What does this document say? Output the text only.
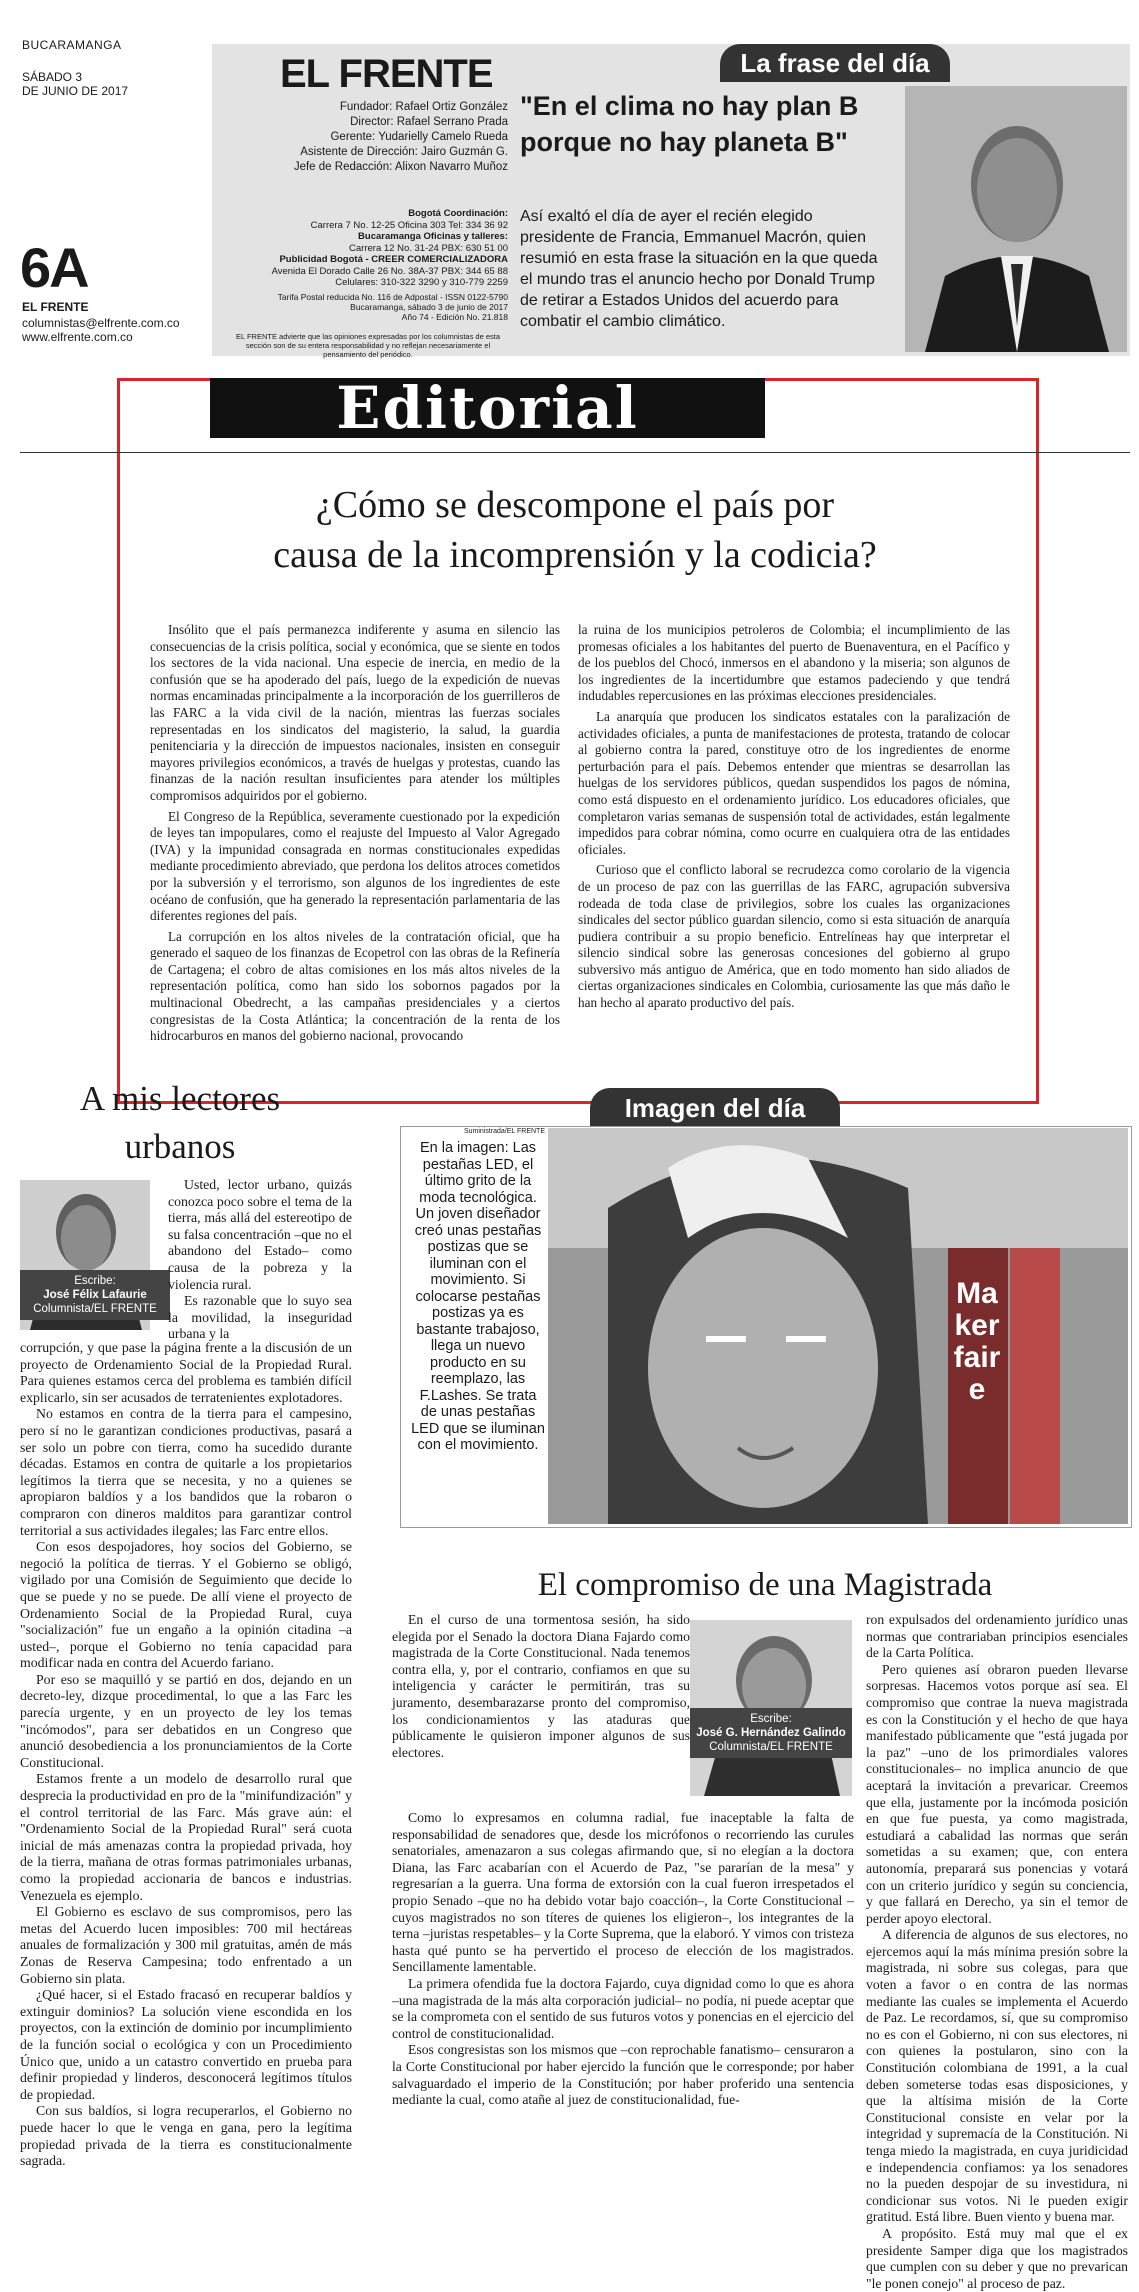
BUCARAMANGA
SÁBADO 3
DE JUNIO DE 2017
6A
EL FRENTE
columnistas@elfrente.com.co
www.elfrente.com.co
EL FRENTE
Fundador: Rafael Ortiz González
Director: Rafael Serrano Prada
Gerente: Yudarielly Camelo Rueda
Asistente de Dirección: Jairo Guzmán G.
Jefe de Redacción: Alixon Navarro Muñoz
Bogotá Coordinación:
Carrera 7 No. 12-25 Oficina 303 Tel: 334 36 92
Bucaramanga Oficinas y talleres:
Carrera 12 No. 31-24 PBX: 630 51 00
Publicidad Bogotá - CREER COMERCIALIZADORA
Avenida El Dorado Calle 26 No. 38A-37 PBX: 344 65 88
Celulares: 310-322 3290 y 310-779 2259
Tarifa Postal reducida No. 116 de Adpostal - ISSN 0122-5790
Bucaramanga, sábado 3 de junio de 2017
Año 74 - Edición No. 21.818
EL FRENTE advierte que las opiniones expresadas por los columnistas de esta sección son de su entera responsabilidad y no reflejan necesariamente el pensamiento del periódico.
La frase del día
"En el clima no hay plan B
porque no hay planeta B"
Así exaltó el día de ayer el recién elegido presidente de Francia, Emmanuel Macrón, quien resumió en esta frase la situación en la que queda el mundo tras el anuncio hecho por Donald Trump de retirar a Estados Unidos del acuerdo para combatir el cambio climático.
Editorial
¿Cómo se descompone el país por
causa de la incomprensión y la codicia?

Insólito que el país permanezca indiferente y asuma en silencio las consecuencias de la crisis política, social y económica, que se siente en todos los sectores de la vida nacional. Una especie de inercia, en medio de la confusión que se ha apoderado del país, luego de la expedición de nuevas normas encaminadas principalmente a la incorporación de los guerrilleros de las FARC a la vida civil de la nación, mientras las fuerzas sociales representadas en los sindicatos del magisterio, la salud, la guardia penitenciaria y la dirección de impuestos nacionales, insisten en conseguir mayores privilegios económicos, a través de huelgas y protestas, cuando las finanzas de la nación resultan insuficientes para atender los múltiples compromisos adquiridos por el gobierno.

El Congreso de la República, severamente cuestionado por la expedición de leyes tan impopulares, como el reajuste del Impuesto al Valor Agregado (IVA) y la impunidad consagrada en normas constitucionales expedidas mediante procedimiento abreviado, que perdona los delitos atroces cometidos por la subversión y el terrorismo, son algunos de los ingredientes de este océano de confusión, que ha generado la representación parlamentaria de las diferentes regiones del país.

La corrupción en los altos niveles de la contratación oficial, que ha generado el saqueo de los finanzas de Ecopetrol con las obras de la Refinería de Cartagena; el cobro de altas comisiones en los más altos niveles de la representación política, como han sido los sobornos pagados por la multinacional Obedrecht, a las campañas presidenciales y a ciertos congresistas de la Costa Atlántica; la concentración de la renta de los hidrocarburos en manos del gobierno nacional, provocando

la ruina de los municipios petroleros de Colombia; el incumplimiento de las promesas oficiales a los habitantes del puerto de Buenaventura, en el Pacífico y de los pueblos del Chocó, inmersos en el abandono y la miseria; son algunos de los ingredientes de la incertidumbre que estamos padeciendo y que tendrá indudables repercusiones en las próximas elecciones presidenciales.

La anarquía que producen los sindicatos estatales con la paralización de actividades oficiales, a punta de manifestaciones de protesta, tratando de colocar al gobierno contra la pared, constituye otro de los ingredientes de enorme perturbación para el país. Debemos entender que mientras se desarrollan las huelgas de los servidores públicos, quedan suspendidos los pagos de nómina, como está dispuesto en el ordenamiento jurídico. Los educadores oficiales, que completaron varias semanas de suspensión total de actividades, están legalmente impedidos para cobrar nómina, como ocurre en cualquiera otra de las entidades oficiales.

Curioso que el conflicto laboral se recrudezca como corolario de la vigencia de un proceso de paz con las guerrillas de las FARC, agrupación subversiva rodeada de toda clase de privilegios, sobre los cuales las organizaciones sindicales del sector público guardan silencio, como si esta situación de anarquía pudiera contribuir a su propio beneficio. Entrelíneas hay que interpretar el silencio sindical sobre las generosas concesiones del gobierno al grupo subversivo más antiguo de América, que en todo momento han sido aliados de ciertas organizaciones sindicales en Colombia, curiosamente las que más daño le han hecho al aparato productivo del país.

A mis lectores
urbanos
Escribe:
José Félix Lafaurie
Columnista/EL FRENTE

Usted, lector urbano, quizás conozca poco sobre el tema de la tierra, más allá del estereotipo de su falsa concentración –que no el abandono del Estado– como causa de la pobreza y la violencia rural.

Es razonable que lo suyo sea la movilidad, la inseguridad urbana y la

corrupción, y que pase la página frente a la discusión de un proyecto de Ordenamiento Social de la Propiedad Rural. Para quienes estamos cerca del problema es también difícil explicarlo, sin ser acusados de terratenientes explotadores.

No estamos en contra de la tierra para el campesino, pero sí no le garantizan condiciones productivas, pasará a ser solo un pobre con tierra, como ha sucedido durante décadas. Estamos en contra de quitarle a los propietarios legítimos la tierra que se necesita, y no a quienes se apropiaron baldíos y a los bandidos que la robaron o compraron con dineros malditos para garantizar control territorial a sus actividades ilegales; las Farc entre ellos.

Con esos despojadores, hoy socios del Gobierno, se negoció la política de tierras. Y el Gobierno se obligó, vigilado por una Comisión de Seguimiento que decide lo que se puede y no se puede. De allí viene el proyecto de Ordenamiento Social de la Propiedad Rural, cuya "socialización" fue un engaño a la opinión citadina –a usted–, porque el Gobierno no tenía capacidad para modificar nada en contra del Acuerdo fariano.

Por eso se maquilló y se partió en dos, dejando en un decreto-ley, dizque procedimental, lo que a las Farc les parecía urgente, y en un proyecto de ley los temas "incómodos", para ser debatidos en un Congreso que anunció desobediencia a los pronunciamientos de la Corte Constitucional.

Estamos frente a un modelo de desarrollo rural que desprecia la productividad en pro de la "minifundización" y el control territorial de las Farc. Más grave aún: el "Ordenamiento Social de la Propiedad Rural" será cuota inicial de más amenazas contra la propiedad privada, hoy de la tierra, mañana de otras formas patrimoniales urbanas, como la propiedad accionaria de bancos e industrias. Venezuela es ejemplo.

El Gobierno es esclavo de sus compromisos, pero las metas del Acuerdo lucen imposibles: 700 mil hectáreas anuales de formalización y 300 mil gratuitas, amén de más Zonas de Reserva Campesina; todo enfrentado a un Gobierno sin plata.

¿Qué hacer, si el Estado fracasó en recuperar baldíos y extinguir dominios? La solución viene escondida en los proyectos, con la extinción de dominio por incumplimiento de la función social o ecológica y con un Procedimiento Único que, unido a un catastro convertido en prueba para definir propiedad y linderos, desconocerá legítimos títulos de propiedad.

Con sus baldíos, si logra recuperarlos, el Gobierno no puede hacer lo que le venga en gana, pero la legítima propiedad privada de la tierra es constitucionalmente sagrada.

Imagen del día
Suministrada/EL FRENTE
En la imagen: Las pestañas LED, el último grito de la moda tecnológica. Un joven diseñador creó unas pestañas postizas que se iluminan con el movimiento. Si colocarse pestañas postizas ya es bastante trabajoso, llega un nuevo producto en su reemplazo, las F.Lashes. Se trata de unas pestañas LED que se iluminan con el movimiento.
Makerfaire
El compromiso de una Magistrada

En el curso de una tormentosa sesión, ha sido elegida por el Senado la doctora Diana Fajardo como magistrada de la Corte Constitucional. Nada tenemos contra ella, y, por el contrario, confiamos en que su inteligencia y carácter le permitirán, tras su juramento, desembarazarse pronto del compromiso, los condicionamientos y las ataduras que públicamente le quisieron imponer algunos de sus electores.

Escribe:
José G. Hernández Galindo
Columnista/EL FRENTE

Como lo expresamos en columna radial, fue inaceptable la falta de responsabilidad de senadores que, desde los micrófonos o recorriendo las curules senatoriales, amenazaron a sus colegas afirmando que, si no elegían a la doctora Diana, las Farc acabarían con el Acuerdo de Paz, "se pararían de la mesa" y regresarían a la guerra. Una forma de extorsión con la cual fueron irrespetados el propio Senado –que no ha debido votar bajo coacción–, la Corte Constitucional –cuyos magistrados no son títeres de quienes los eligieron–, los integrantes de la terna –juristas respetables– y la Corte Suprema, que la elaboró. Y vimos con tristeza hasta qué punto se ha pervertido el proceso de elección de los magistrados. Sencillamente lamentable.

La primera ofendida fue la doctora Fajardo, cuya dignidad como lo que es ahora –una magistrada de la más alta corporación judicial– no podía, ni puede aceptar que se la comprometa con el sentido de sus futuros votos y ponencias en el ejercicio del control de constitucionalidad.

Esos congresistas son los mismos que –con reprochable fanatismo– censuraron a la Corte Constitucional por haber ejercido la función que le corresponde; por haber salvaguardado el imperio de la Constitución; por haber proferido una sentencia mediante la cual, como atañe al juez de constitucionalidad, fue-

ron expulsados del ordenamiento jurídico unas normas que contrariaban principios esenciales de la Carta Política.

Pero quienes así obraron pueden llevarse sorpresas. Hacemos votos porque así sea. El compromiso que contrae la nueva magistrada es con la Constitución y el hecho de que haya manifestado públicamente que "está jugada por la paz" –uno de los primordiales valores constitucionales– no implica anuncio de que aceptará la invitación a prevaricar. Creemos que ella, justamente por la incómoda posición en que fue puesta, ya como magistrada, estudiará a cabalidad las normas que serán sometidas a su examen; que, con entera autonomía, preparará sus ponencias y votará con un criterio jurídico y según su conciencia, y que fallará en Derecho, ya sin el temor de perder apoyo electoral.

A diferencia de algunos de sus electores, no ejercemos aquí la más mínima presión sobre la magistrada, ni sobre sus colegas, para que voten a favor o en contra de las normas mediante las cuales se implementa el Acuerdo de Paz. Le recordamos, sí, que su compromiso no es con el Gobierno, ni con sus electores, ni con quienes la postularon, sino con la Constitución colombiana de 1991, a la cual deben someterse todas esas disposiciones, y que la altísima misión de la Corte Constitucional consiste en velar por la integridad y supremacía de la Constitución. Ni tenga miedo la magistrada, en cuya juridicidad e independencia confiamos: ya los senadores no la pueden despojar de su investidura, ni condicionar sus votos. Ni le pueden exigir gratitud. Está libre. Buen viento y buena mar.

A propósito. Está muy mal que el ex presidente Samper diga que los magistrados que cumplen con su deber y que no prevarican "le ponen conejo" al proceso de paz.
